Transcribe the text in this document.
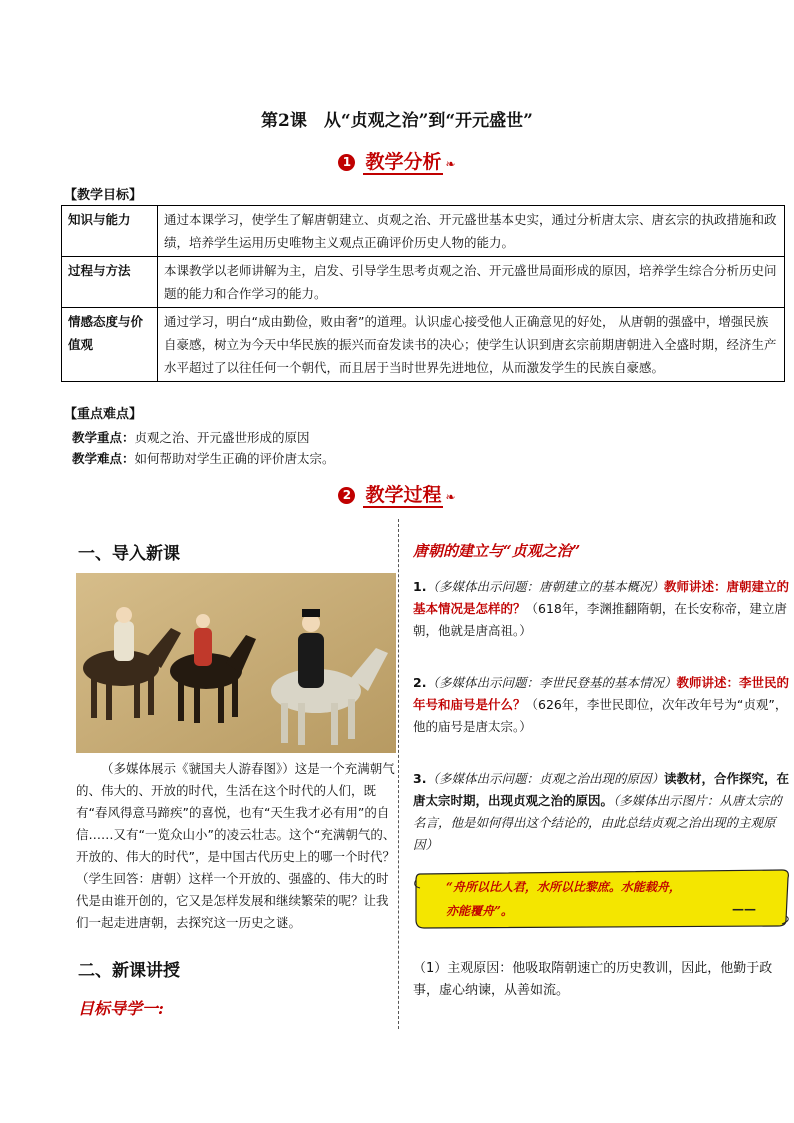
第2课　从“贞观之治”到“开元盛世”
1 教学分析 ❧
【教学目标】
知识与能力	通过本课学习，使学生了解唐朝建立、贞观之治、开元盛世基本史实，通过分析唐太宗、唐玄宗的执政措施和政绩，培养学生运用历史唯物主义观点正确评价历史人物的能力。
过程与方法	本课教学以老师讲解为主，启发、引导学生思考贞观之治、开元盛世局面形成的原因，培养学生综合分析历史问题的能力和合作学习的能力。
情感态度与价值观	通过学习，明白“成由勤俭，败由奢”的道理。认识虚心接受他人正确意见的好处， 从唐朝的强盛中，增强民族自豪感，树立为今天中华民族的振兴而奋发读书的决心；使学生认识到唐玄宗前期唐朝进入全盛时期，经济生产水平超过了以往任何一个朝代，而且居于当时世界先进地位，从而激发学生的民族自豪感。
【重点难点】
教学重点：贞观之治、开元盛世形成的原因
教学难点：如何帮助对学生正确的评价唐太宗。
2 教学过程 ❧
一、导入新课
（多媒体展示《虢国夫人游春图》）这是一个充满朝气的、伟大的、开放的时代，生活在这个时代的人们，既有“春风得意马蹄疾”的喜悦，也有“天生我才必有用”的自信……又有“一览众山小”的凌云壮志。这个“充满朝气的、开放的、伟大的时代”，是中国古代历史上的哪一个时代？（学生回答：唐朝）这样一个开放的、强盛的、伟大的时代是由谁开创的，它又是怎样发展和继续繁荣的呢？让我们一起走进唐朝，去探究这一历史之谜。
二、新课讲授
目标导学一:
唐朝的建立与“贞观之治”
1.（多媒体出示问题：唐朝建立的基本概况）教师讲述：唐朝建立的基本情况是怎样的？（618年，李渊推翻隋朝，在长安称帝，建立唐朝，他就是唐高祖。）
2.（多媒体出示问题：李世民登基的基本情况）教师讲述：李世民的年号和庙号是什么？（626年，李世民即位，次年改年号为“贞观”，他的庙号是唐太宗。）
3.（多媒体出示问题：贞观之治出现的原因）读教材，合作探究，在唐太宗时期，出现贞观之治的原因。（多媒体出示图片：从唐太宗的名言，他是如何得出这个结论的，由此总结贞观之治出现的主观原因）
“舟所以比人君，水所以比黎庶。水能载舟，
亦能覆舟”。	——
（1）主观原因：他吸取隋朝速亡的历史教训，因此，他勤于政事，虚心纳谏，从善如流。
